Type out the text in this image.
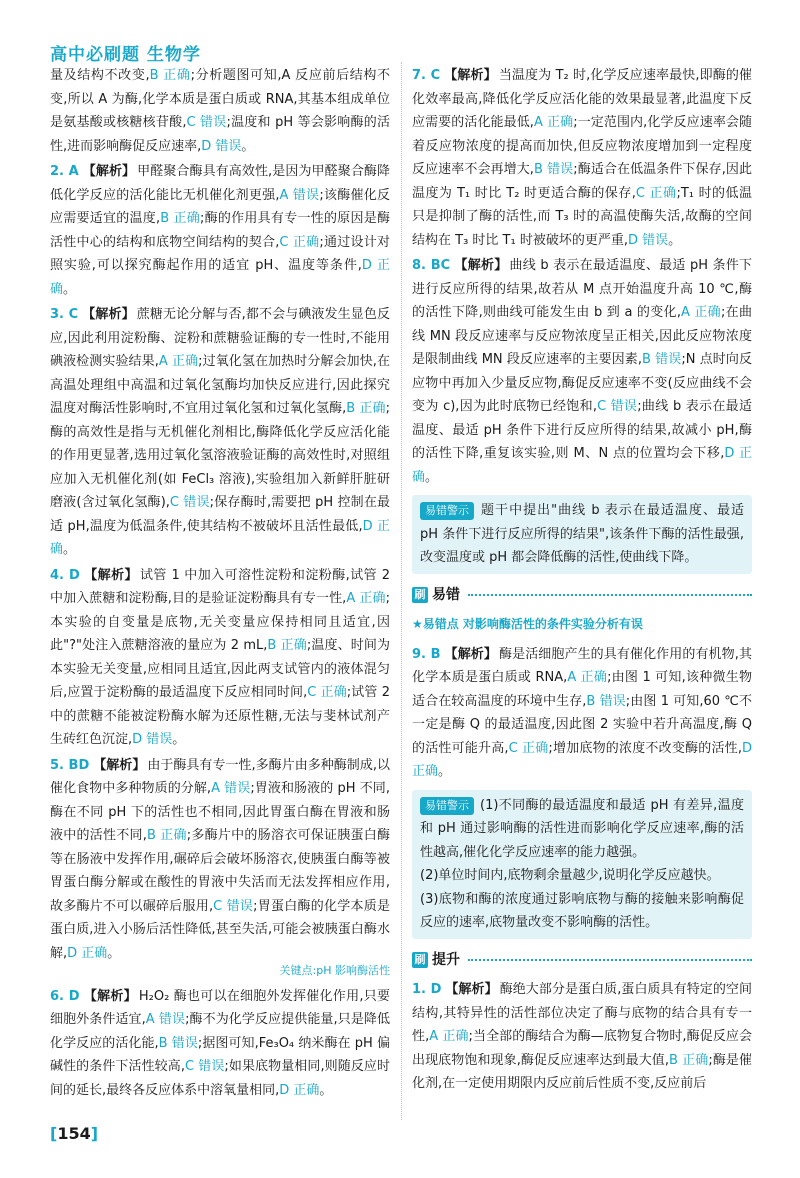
高中必刷题 生物学
量及结构不改变,B 正确;分析题图可知,A 反应前后结构不变,所以 A 为酶,化学本质是蛋白质或 RNA,其基本组成单位是氨基酸或核糖核苷酸,C 错误;温度和 pH 等会影响酶的活性,进而影响酶促反应速率,D 错误。
2. A 【解析】 甲醛聚合酶具有高效性,是因为甲醛聚合酶降低化学反应的活化能比无机催化剂更强,A 错误;该酶催化反应需要适宜的温度,B 正确;酶的作用具有专一性的原因是酶活性中心的结构和底物空间结构的契合,C 正确;通过设计对照实验,可以探究酶起作用的适宜 pH、温度等条件,D 正确。
3. C 【解析】 蔗糖无论分解与否,都不会与碘液发生显色反应,因此利用淀粉酶、淀粉和蔗糖验证酶的专一性时,不能用碘液检测实验结果,A 正确;过氧化氢在加热时分解会加快,在高温处理组中高温和过氧化氢酶均加快反应进行,因此探究温度对酶活性影响时,不宜用过氧化氢和过氧化氢酶,B 正确;酶的高效性是指与无机催化剂相比,酶降低化学反应活化能的作用更显著,选用过氧化氢溶液验证酶的高效性时,对照组应加入无机催化剂(如 FeCl₃ 溶液),实验组加入新鲜肝脏研磨液(含过氧化氢酶),C 错误;保存酶时,需要把 pH 控制在最适 pH,温度为低温条件,使其结构不被破坏且活性最低,D 正确。
4. D 【解析】 试管 1 中加入可溶性淀粉和淀粉酶,试管 2 中加入蔗糖和淀粉酶,目的是验证淀粉酶具有专一性,A 正确;本实验的自变量是底物,无关变量应保持相同且适宜,因此"?"处注入蔗糖溶液的量应为 2 mL,B 正确;温度、时间为本实验无关变量,应相同且适宜,因此两支试管内的液体混匀后,应置于淀粉酶的最适温度下反应相同时间,C 正确;试管 2 中的蔗糖不能被淀粉酶水解为还原性糖,无法与斐林试剂产生砖红色沉淀,D 错误。
5. BD 【解析】 由于酶具有专一性,多酶片由多种酶制成,以催化食物中多种物质的分解,A 错误;胃液和肠液的 pH 不同,酶在不同 pH 下的活性也不相同,因此胃蛋白酶在胃液和肠液中的活性不同,B 正确;多酶片中的肠溶衣可保证胰蛋白酶等在肠液中发挥作用,碾碎后会破坏肠溶衣,使胰蛋白酶等被胃蛋白酶分解或在酸性的胃液中失活而无法发挥相应作用,故多酶片不可以碾碎后服用,C 错误;胃蛋白酶的化学本质是蛋白质,进入小肠后活性降低,甚至失活,可能会被胰蛋白酶水解,D 正确。
关键点:pH 影响酶活性
6. D 【解析】 H₂O₂ 酶也可以在细胞外发挥催化作用,只要细胞外条件适宜,A 错误;酶不为化学反应提供能量,只是降低化学反应的活化能,B 错误;据图可知,Fe₃O₄ 纳米酶在 pH 偏碱性的条件下活性较高,C 错误;如果底物量相同,则随反应时间的延长,最终各反应体系中溶氧量相同,D 正确。
7. C 【解析】 当温度为 T₂ 时,化学反应速率最快,即酶的催化效率最高,降低化学反应活化能的效果最显著,此温度下反应需要的活化能最低,A 正确;一定范围内,化学反应速率会随着反应物浓度的提高而加快,但反应物浓度增加到一定程度反应速率不会再增大,B 错误;酶适合在低温条件下保存,因此温度为 T₁ 时比 T₂ 时更适合酶的保存,C 正确;T₁ 时的低温只是抑制了酶的活性,而 T₃ 时的高温使酶失活,故酶的空间结构在 T₃ 时比 T₁ 时被破坏的更严重,D 错误。
8. BC 【解析】 曲线 b 表示在最适温度、最适 pH 条件下进行反应所得的结果,故若从 M 点开始温度升高 10 ℃,酶的活性下降,则曲线可能发生由 b 到 a 的变化,A 正确;在曲线 MN 段反应速率与反应物浓度呈正相关,因此反应物浓度是限制曲线 MN 段反应速率的主要因素,B 错误;N 点时向反应物中再加入少量反应物,酶促反应速率不变(反应曲线不会变为 c),因为此时底物已经饱和,C 错误;曲线 b 表示在最适温度、最适 pH 条件下进行反应所得的结果,故减小 pH,酶的活性下降,重复该实验,则 M、N 点的位置均会下移,D 正确。
易错警示 题干中提出"曲线 b 表示在最适温度、最适 pH 条件下进行反应所得的结果",该条件下酶的活性最强,改变温度或 pH 都会降低酶的活性,使曲线下降。
刷 易错
★易错点 对影响酶活性的条件实验分析有误
9. B 【解析】 酶是活细胞产生的具有催化作用的有机物,其化学本质是蛋白质或 RNA,A 正确;由图 1 可知,该种微生物适合在较高温度的环境中生存,B 错误;由图 1 可知,60 ℃不一定是酶 Q 的最适温度,因此图 2 实验中若升高温度,酶 Q 的活性可能升高,C 正确;增加底物的浓度不改变酶的活性,D 正确。
易错警示 (1)不同酶的最适温度和最适 pH 有差异,温度和 pH 通过影响酶的活性进而影响化学反应速率,酶的活性越高,催化化学反应速率的能力越强。
(2)单位时间内,底物剩余量越少,说明化学反应越快。
(3)底物和酶的浓度通过影响底物与酶的接触来影响酶促反应的速率,底物量改变不影响酶的活性。
刷 提升
1. D 【解析】 酶绝大部分是蛋白质,蛋白质具有特定的空间结构,其特异性的活性部位决定了酶与底物的结合具有专一性,A 正确;当全部的酶结合为酶—底物复合物时,酶促反应会出现底物饱和现象,酶促反应速率达到最大值,B 正确;酶是催化剂,在一定使用期限内反应前后性质不变,反应前后
[154]
